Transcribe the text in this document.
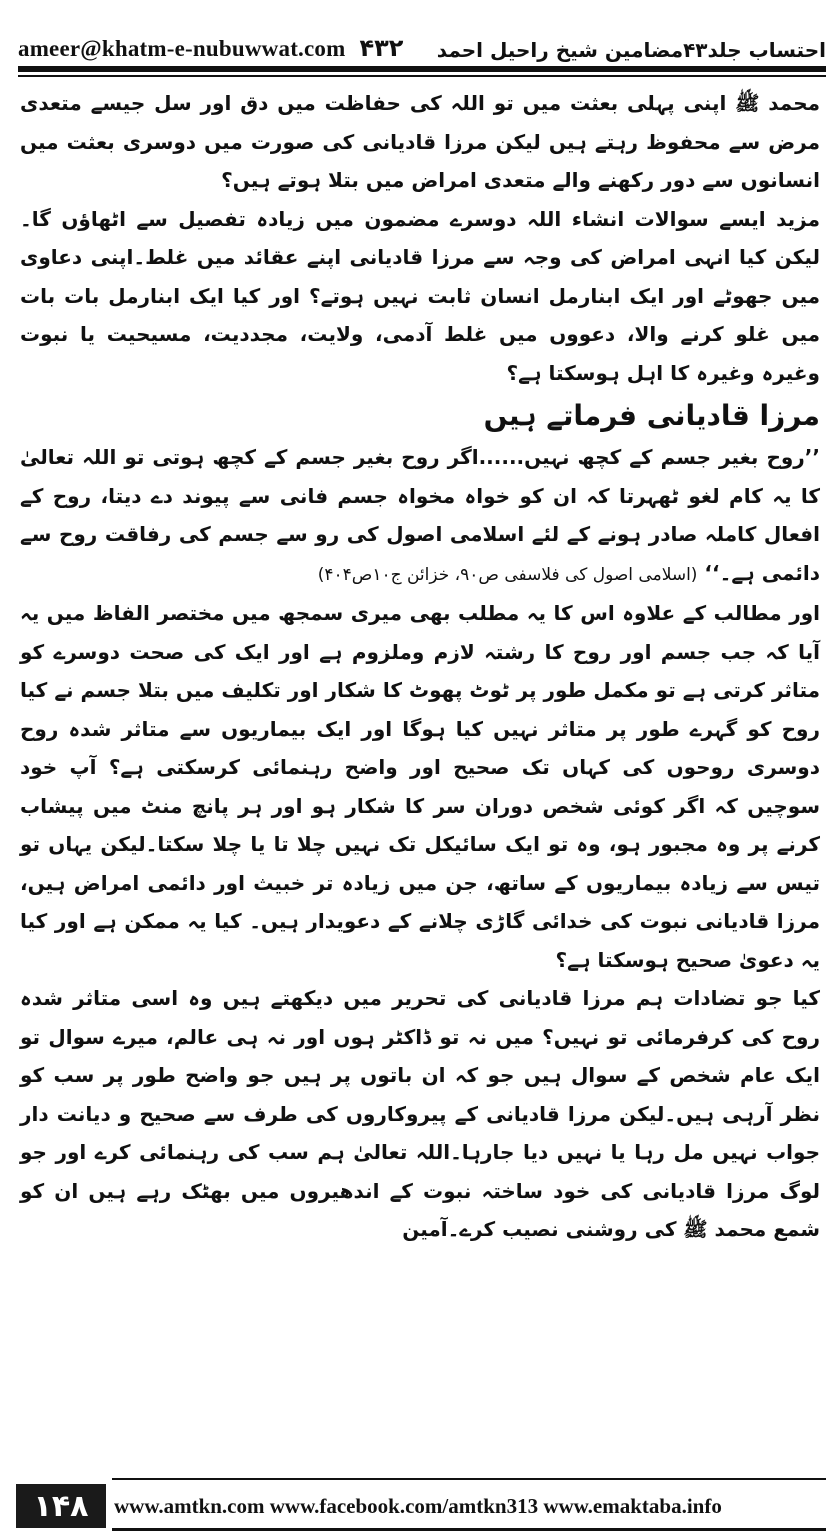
ameer@khatm-e-nubuwwat.com ۴۳۲ احتساب جلد۴۳مضامین شیخ راحیل احمد

محمد ﷺ اپنی پہلی بعثت میں تو اللہ کی حفاظت میں دق اور سل جیسے متعدی مرض سے محفوظ رہتے ہیں لیکن مرزا قادیانی کی صورت میں دوسری بعثت میں انسانوں سے دور رکھنے والے متعدی امراض میں بتلا ہوتے ہیں؟

مزید ایسے سوالات انشاء اللہ دوسرے مضمون میں زیادہ تفصیل سے اٹھاؤں گا۔لیکن کیا انہی امراض کی وجہ سے مرزا قادیانی اپنے عقائد میں غلط۔اپنی دعاوی میں جھوٹے اور ایک ابنارمل انسان ثابت نہیں ہوتے؟ اور کیا ایک ابنارمل بات بات میں غلو کرنے والا، دعووں میں غلط آدمی، ولایت، مجددیت، مسیحیت یا نبوت وغیرہ وغیرہ کا اہل ہوسکتا ہے؟

مرزا قادیانی فرماتے ہیں

’’روح بغیر جسم کے کچھ نہیں......اگر روح بغیر جسم کے کچھ ہوتی تو اللہ تعالیٰ کا یہ کام لغو ٹھہرتا کہ ان کو خواہ مخواہ جسم فانی سے پیوند دے دیتا، روح کے افعال کاملہ صادر ہونے کے لئے اسلامی اصول کی رو سے جسم کی رفاقت روح سے دائمی ہے۔‘‘ (اسلامی اصول کی فلاسفی ص۹۰، خزائن ج۱۰ص۴۰۴)

اور مطالب کے علاوہ اس کا یہ مطلب بھی میری سمجھ میں مختصر الفاظ میں یہ آیا کہ جب جسم اور روح کا رشتہ لازم وملزوم ہے اور ایک کی صحت دوسرے کو متاثر کرتی ہے تو مکمل طور پر ٹوٹ پھوٹ کا شکار اور تکلیف میں بتلا جسم نے کیا روح کو گہرے طور پر متاثر نہیں کیا ہوگا اور ایک بیماریوں سے متاثر شدہ روح دوسری روحوں کی کہاں تک صحیح اور واضح رہنمائی کرسکتی ہے؟ آپ خود سوچیں کہ اگر کوئی شخص دوران سر کا شکار ہو اور ہر پانچ منٹ میں پیشاب کرنے پر وہ مجبور ہو، وہ تو ایک سائیکل تک نہیں چلا تا یا چلا سکتا۔لیکن یہاں تو تیس سے زیادہ بیماریوں کے ساتھ، جن میں زیادہ تر خبیث اور دائمی امراض ہیں، مرزا قادیانی نبوت کی خدائی گاڑی چلانے کے دعویدار ہیں۔ کیا یہ ممکن ہے اور کیا یہ دعویٰ صحیح ہوسکتا ہے؟

کیا جو تضادات ہم مرزا قادیانی کی تحریر میں دیکھتے ہیں وہ اسی متاثر شدہ روح کی کرفرمائی تو نہیں؟ میں نہ تو ڈاکٹر ہوں اور نہ ہی عالم، میرے سوال تو ایک عام شخص کے سوال ہیں جو کہ ان باتوں پر ہیں جو واضح طور پر سب کو نظر آرہی ہیں۔لیکن مرزا قادیانی کے پیروکاروں کی طرف سے صحیح و دیانت دار جواب نہیں مل رہا یا نہیں دیا جارہا۔اللہ تعالیٰ ہم سب کی رہنمائی کرے اور جو لوگ مرزا قادیانی کی خود ساختہ نبوت کے اندھیروں میں بھٹک رہے ہیں ان کو شمع محمد ﷺ کی روشنی نصیب کرے۔آمین

۱۴۸	www.amtkn.com www.facebook.com/amtkn313 www.emaktaba.info
